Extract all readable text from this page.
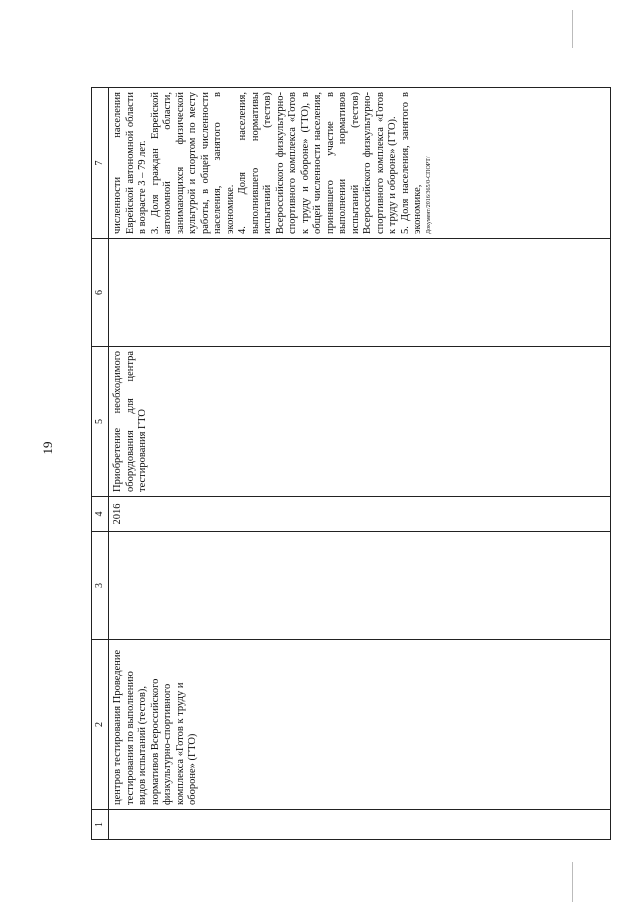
19
1	2	3	4	5	6	7
	центров тестирования Проведение тестирования по выполнению видов испытаний (тестов), нормативов Всероссийского физкультурно-спортивного комплекса «Готов к труду и обороне» (ГТО)		2016	Приобретение необходимого оборудования для центра тестирования ГТО		численности населения Еврейской автономной области в возрасте 3 – 79 лет. 3. Доля граждан Еврейской автономной области, занимающихся физической культурой и спортом по месту работы, в общей численности населения, занятого в экономике. 4. Доля населения, выполнившего нормативы испытаний (тестов) Всероссийского физкультурно-спортивного комплекса «Готов к труду и обороне» (ГТО), в общей численности населения, принявшего участие в выполнении нормативов испытаний (тестов) Всероссийского физкультурно-спортивного комплекса «Готов к труду и обороне» (ГТО). 5. Доля населения, занятого в экономике, Документ/2016/365/0-СПОРТ/
